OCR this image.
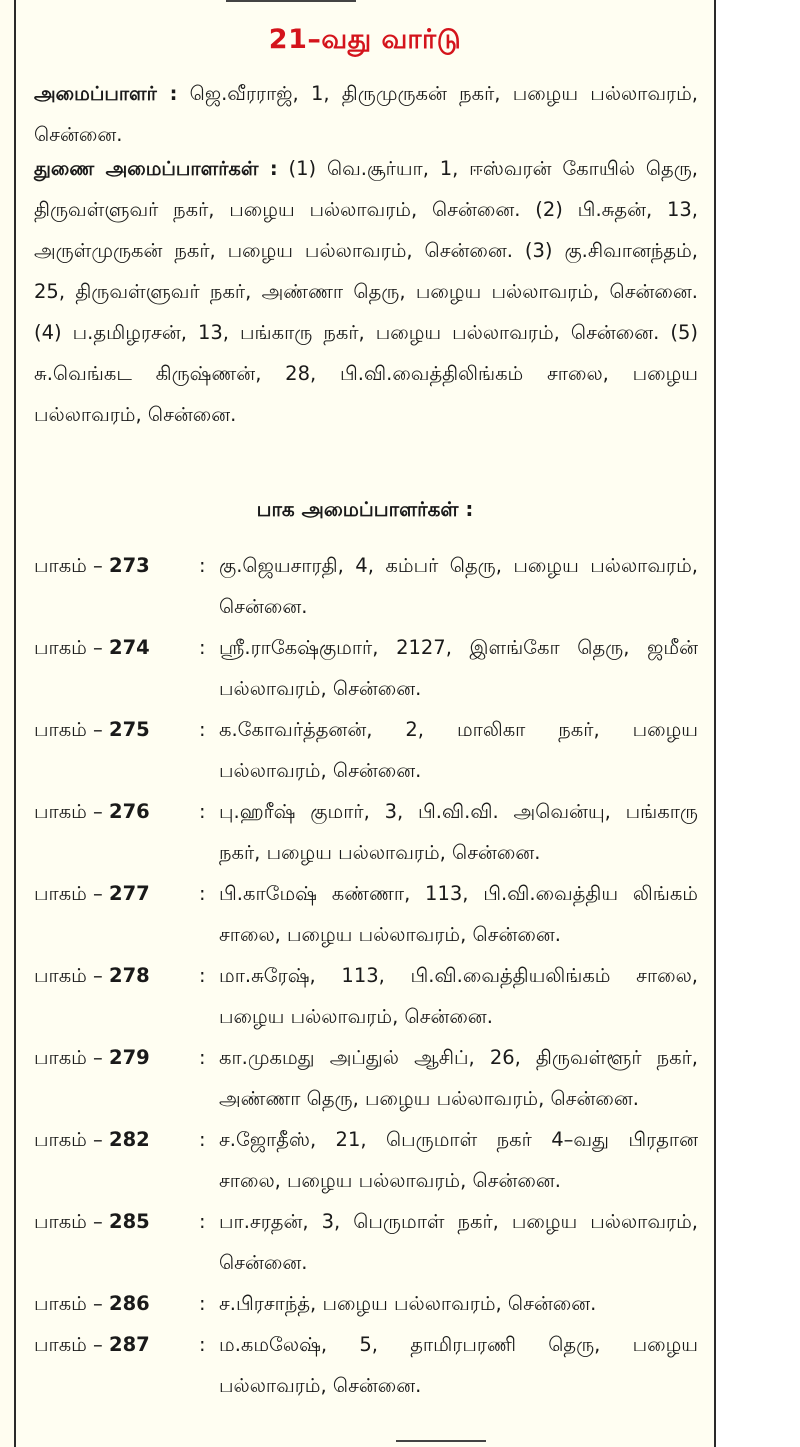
21–வது வார்டு
அமைப்பாளர் : ஜெ.வீரராஜ், 1, திருமுருகன் நகர், பழைய பல்லாவரம், சென்னை.
துணை அமைப்பாளர்கள் : (1) வெ.சூர்யா, 1, ஈஸ்வரன் கோயில் தெரு, திருவள்ளுவர் நகர், பழைய பல்லாவரம், சென்னை. (2) பி.சுதன், 13, அருள்முருகன் நகர், பழைய பல்லாவரம், சென்னை. (3) கு.சிவானந்தம், 25, திருவள்ளுவர் நகர், அண்ணா தெரு, பழைய பல்லாவரம், சென்னை. (4) ப.தமிழரசன், 13, பங்காரு நகர், பழைய பல்லாவரம், சென்னை. (5) சு.வெங்கட கிருஷ்ணன், 28, பி.வி.வைத்திலிங்கம் சாலை, பழைய பல்லாவரம், சென்னை.
பாக அமைப்பாளர்கள் :
பாகம் – 273	: கு.ஜெயசாரதி, 4, கம்பர் தெரு, பழைய பல்லாவரம், சென்னை.
பாகம் – 274	: ஸ்ரீ.ராகேஷ்குமார், 2127, இளங்கோ தெரு, ஜமீன் பல்லாவரம், சென்னை.
பாகம் – 275	: க.கோவர்த்தனன், 2, மாலிகா நகர், பழைய பல்லாவரம், சென்னை.
பாகம் – 276	: பு.ஹரீஷ் குமார், 3, பி.வி.வி. அவென்யு, பங்காரு நகர், பழைய பல்லாவரம், சென்னை.
பாகம் – 277	: பி.காமேஷ் கண்ணா, 113, பி.வி.வைத்திய லிங்கம் சாலை, பழைய பல்லாவரம், சென்னை.
பாகம் – 278	: மா.சுரேஷ், 113, பி.வி.வைத்தியலிங்கம் சாலை, பழைய பல்லாவரம், சென்னை.
பாகம் – 279	: கா.முகமது அப்துல் ஆசிப், 26, திருவள்ளூர் நகர், அண்ணா தெரு, பழைய பல்லாவரம், சென்னை.
பாகம் – 282	: ச.ஜோதீஸ், 21, பெருமாள் நகர் 4–வது பிரதான சாலை, பழைய பல்லாவரம், சென்னை.
பாகம் – 285	: பா.சரதன், 3, பெருமாள் நகர், பழைய பல்லாவரம், சென்னை.
பாகம் – 286	: ச.பிரசாந்த், பழைய பல்லாவரம், சென்னை.
பாகம் – 287	: ம.கமலேஷ், 5, தாமிரபரணி தெரு, பழைய பல்லாவரம், சென்னை.
